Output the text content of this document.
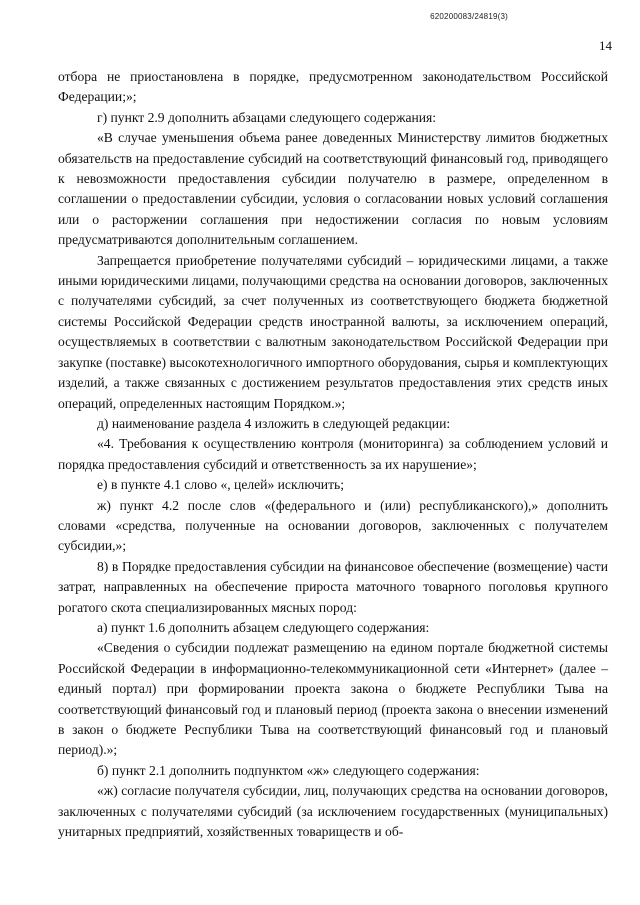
620200083/24819(3)
14

отбора не приостановлена в порядке, предусмотренном законодательством Российской Федерации;»;

г) пункт 2.9 дополнить абзацами следующего содержания:

«В случае уменьшения объема ранее доведенных Министерству лимитов бюджетных обязательств на предоставление субсидий на соответствующий финансовый год, приводящего к невозможности предоставления субсидии получателю в размере, определенном в соглашении о предоставлении субсидии, условия о согласовании новых условий соглашения или о расторжении соглашения при недостижении согласия по новым условиям предусматриваются дополнительным соглашением.

Запрещается приобретение получателями субсидий – юридическими лицами, а также иными юридическими лицами, получающими средства на основании договоров, заключенных с получателями субсидий, за счет полученных из соответствующего бюджета бюджетной системы Российской Федерации средств иностранной валюты, за исключением операций, осуществляемых в соответствии с валютным законодательством Российской Федерации при закупке (поставке) высокотехнологичного импортного оборудования, сырья и комплектующих изделий, а также связанных с достижением результатов предоставления этих средств иных операций, определенных настоящим Порядком.»;

д) наименование раздела 4 изложить в следующей редакции:

«4. Требования к осуществлению контроля (мониторинга) за соблюдением условий и порядка предоставления субсидий и ответственность за их нарушение»;

е) в пункте 4.1 слово «, целей» исключить;

ж) пункт 4.2 после слов «(федерального и (или) республиканского),» дополнить словами «средства, полученные на основании договоров, заключенных с получателем субсидии,»;

8) в Порядке предоставления субсидии на финансовое обеспечение (возмещение) части затрат, направленных на обеспечение прироста маточного товарного поголовья крупного рогатого скота специализированных мясных пород:

а) пункт 1.6 дополнить абзацем следующего содержания:

«Сведения о субсидии подлежат размещению на едином портале бюджетной системы Российской Федерации в информационно-телекоммуникационной сети «Интернет» (далее – единый портал) при формировании проекта закона о бюджете Республики Тыва на соответствующий финансовый год и плановый период (проекта закона о внесении изменений в закон о бюджете Республики Тыва на соответствующий финансовый год и плановый период).»;

б) пункт 2.1 дополнить подпунктом «ж» следующего содержания:

«ж) согласие получателя субсидии, лиц, получающих средства на основании договоров, заключенных с получателями субсидий (за исключением государственных (муниципальных) унитарных предприятий, хозяйственных товариществ и об-
